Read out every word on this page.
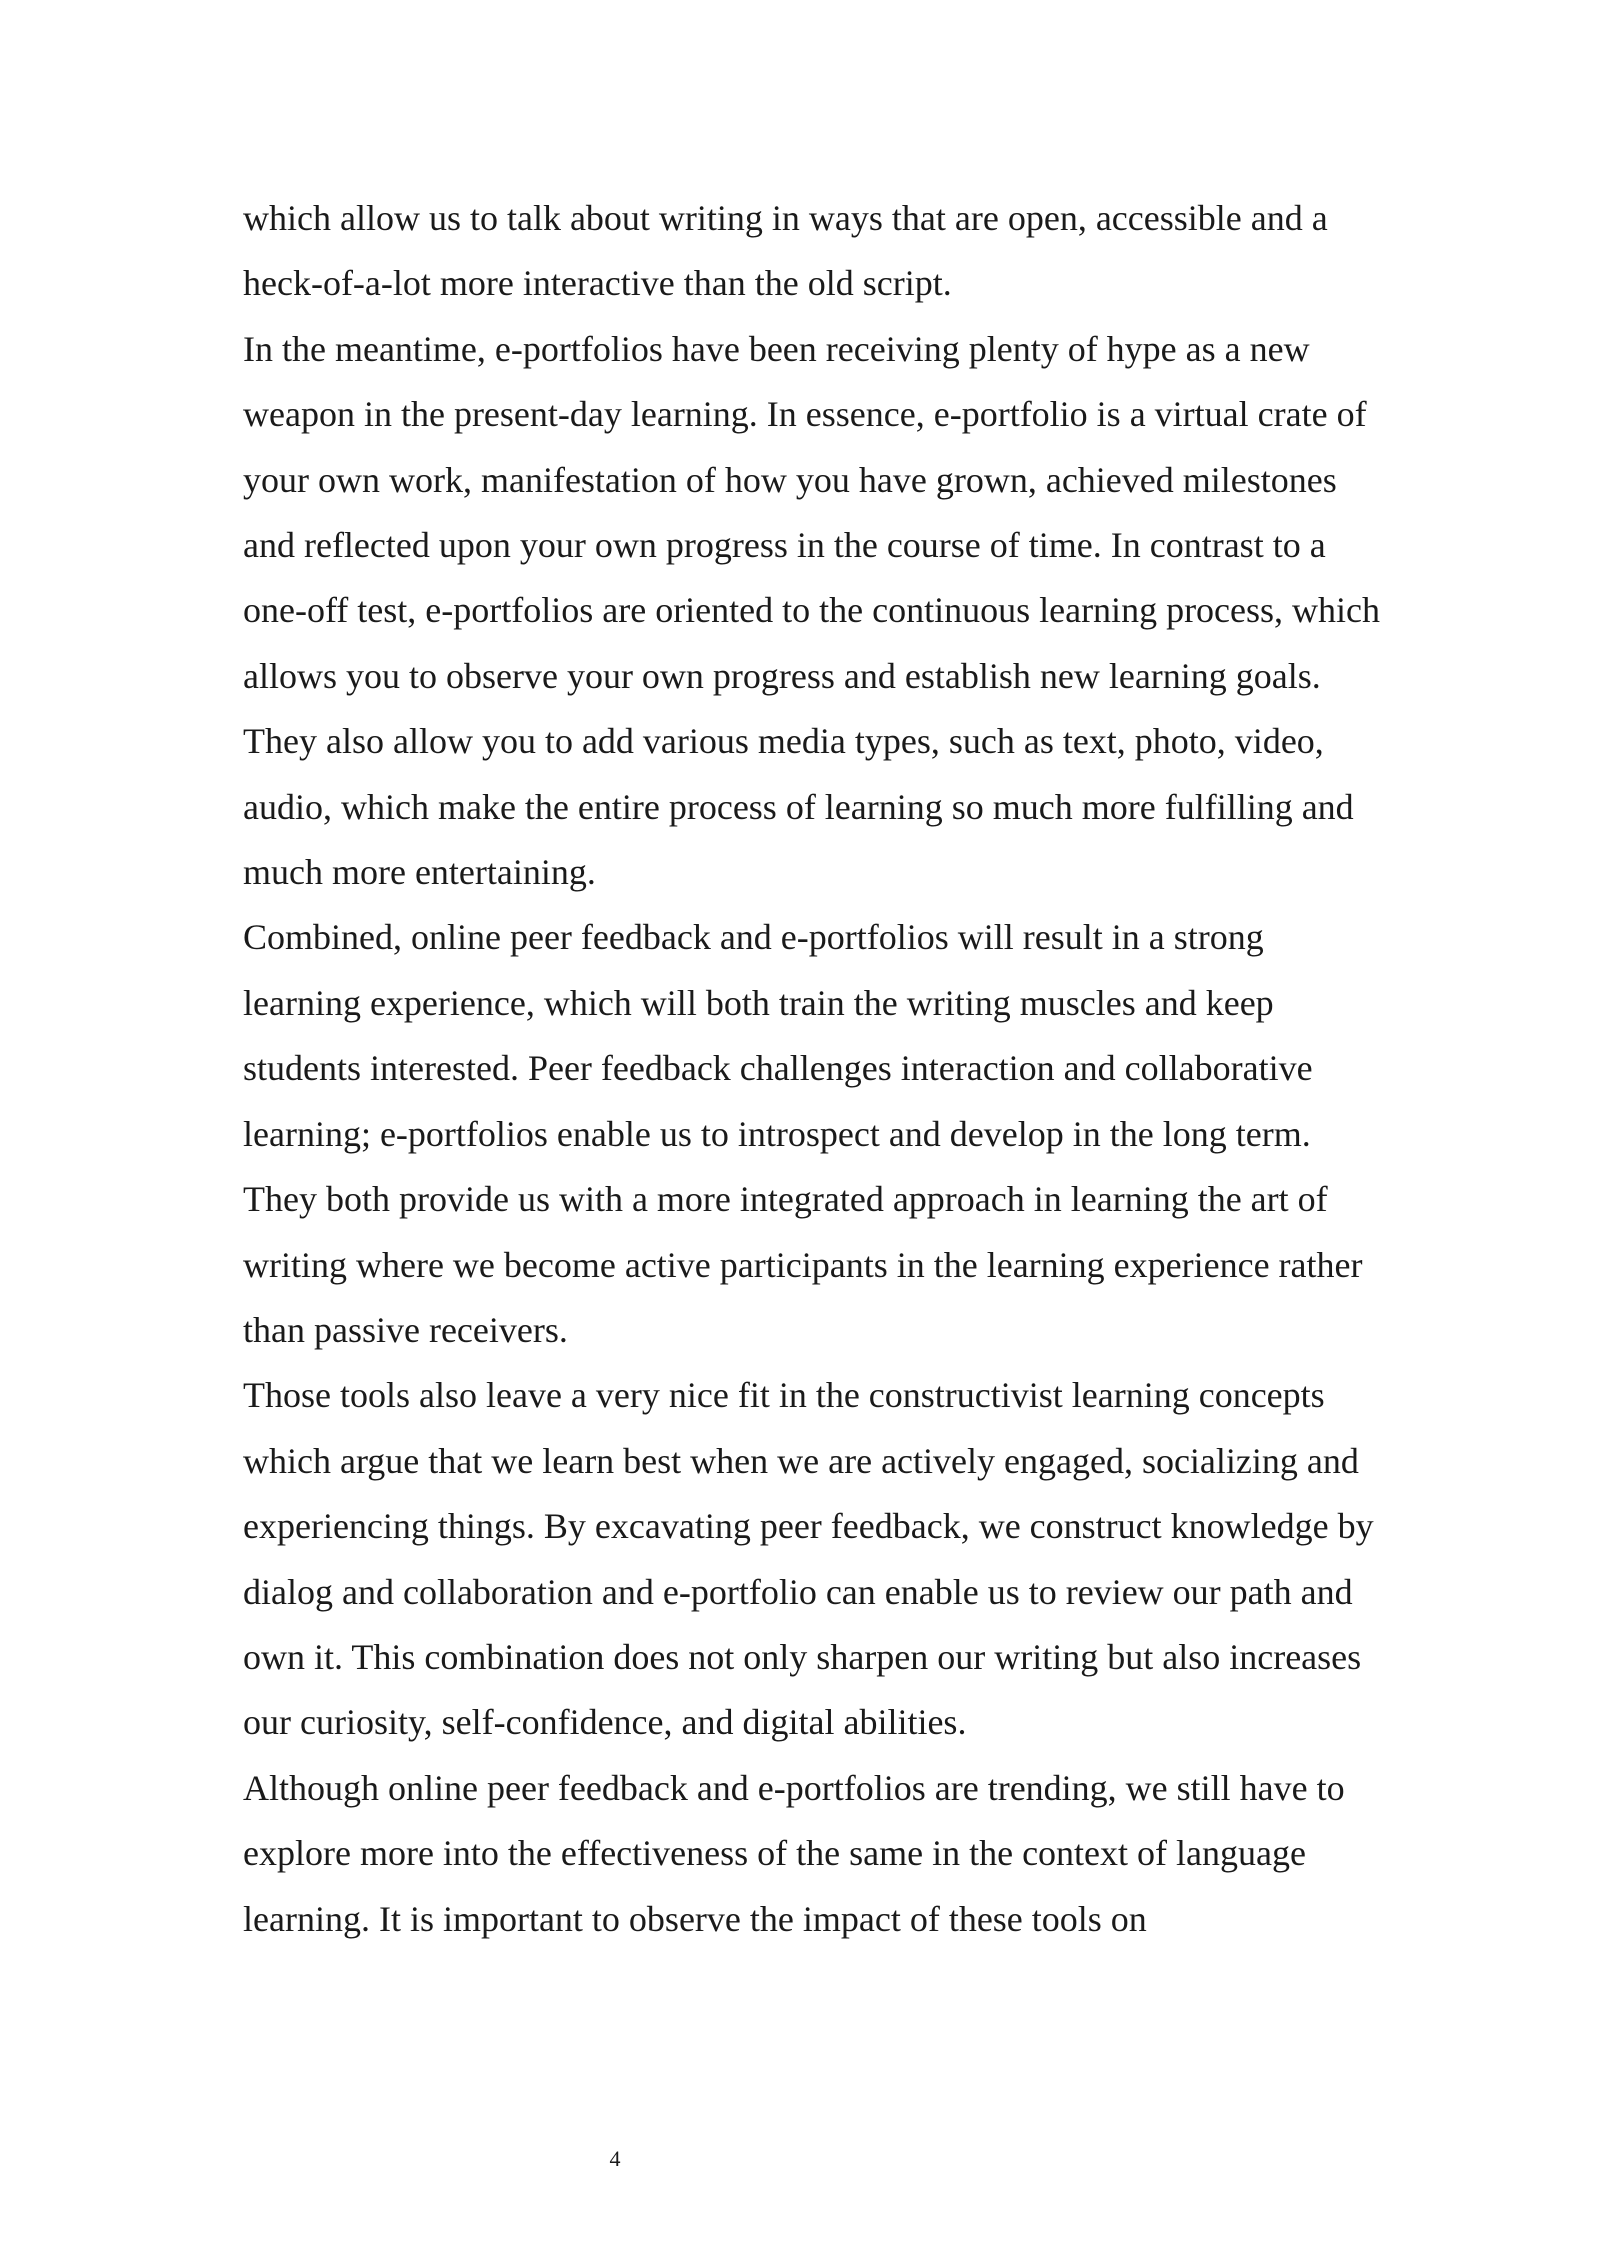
which allow us to talk about writing in ways that are open, accessible and a heck-of-a-lot more interactive than the old script.

In the meantime, e-portfolios have been receiving plenty of hype as a new weapon in the present-day learning. In essence, e-portfolio is a virtual crate of your own work, manifestation of how you have grown, achieved milestones and reflected upon your own progress in the course of time. In contrast to a one-off test, e-portfolios are oriented to the continuous learning process, which allows you to observe your own progress and establish new learning goals. They also allow you to add various media types, such as text, photo, video, audio, which make the entire process of learning so much more fulfilling and much more entertaining.

Combined, online peer feedback and e-portfolios will result in a strong learning experience, which will both train the writing muscles and keep students interested. Peer feedback challenges interaction and collaborative learning; e-portfolios enable us to introspect and develop in the long term. They both provide us with a more integrated approach in learning the art of writing where we become active participants in the learning experience rather than passive receivers.

Those tools also leave a very nice fit in the constructivist learning concepts which argue that we learn best when we are actively engaged, socializing and experiencing things. By excavating peer feedback, we construct knowledge by dialog and collaboration and e-portfolio can enable us to review our path and own it. This combination does not only sharpen our writing but also increases our curiosity, self-confidence, and digital abilities.

Although online peer feedback and e-portfolios are trending, we still have to explore more into the effectiveness of the same in the context of language learning. It is important to observe the impact of these tools on

4
